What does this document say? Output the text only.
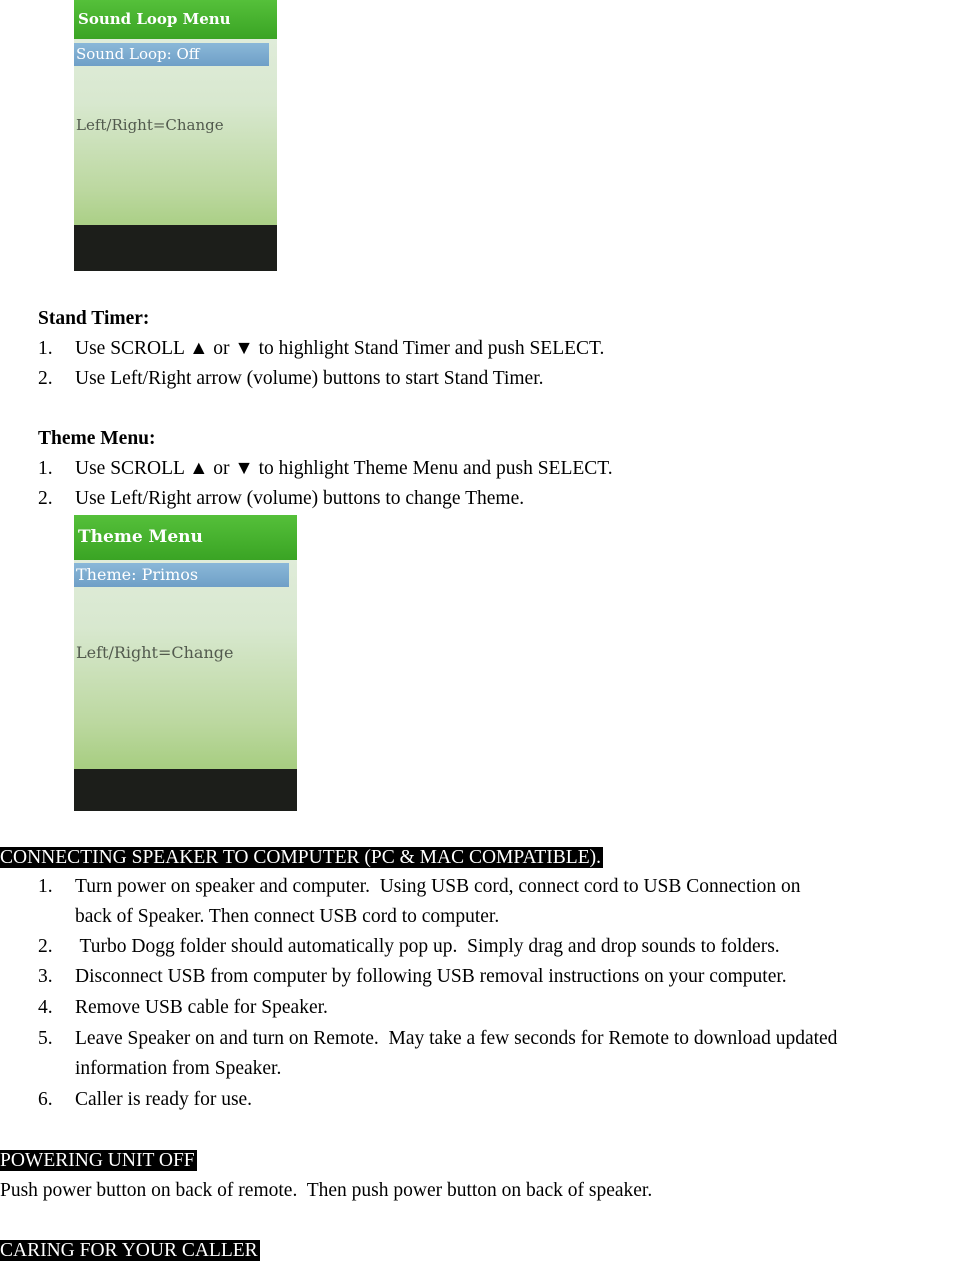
Sound Loop Menu
Sound Loop: Off
Left/Right=Change
Stand Timer:
1. Use SCROLL ▲ or ▼ to highlight Stand Timer and push SELECT.
2. Use Left/Right arrow (volume) buttons to start Stand Timer.
Theme Menu:
1. Use SCROLL ▲ or ▼ to highlight Theme Menu and push SELECT.
2. Use Left/Right arrow (volume) buttons to change Theme.
Theme Menu
Theme: Primos
Left/Right=Change
CONNECTING SPEAKER TO COMPUTER (PC & MAC COMPATIBLE).
1. Turn power on speaker and computer.  Using USB cord, connect cord to USB Connection on
back of Speaker. Then connect USB cord to computer.
2. Turbo Dogg folder should automatically pop up.  Simply drag and drop sounds to folders.
3. Disconnect USB from computer by following USB removal instructions on your computer.
4. Remove USB cable for Speaker.
5. Leave Speaker on and turn on Remote.  May take a few seconds for Remote to download updated
information from Speaker.
6. Caller is ready for use.
POWERING UNIT OFF
Push power button on back of remote.  Then push power button on back of speaker.
CARING FOR YOUR CALLER
